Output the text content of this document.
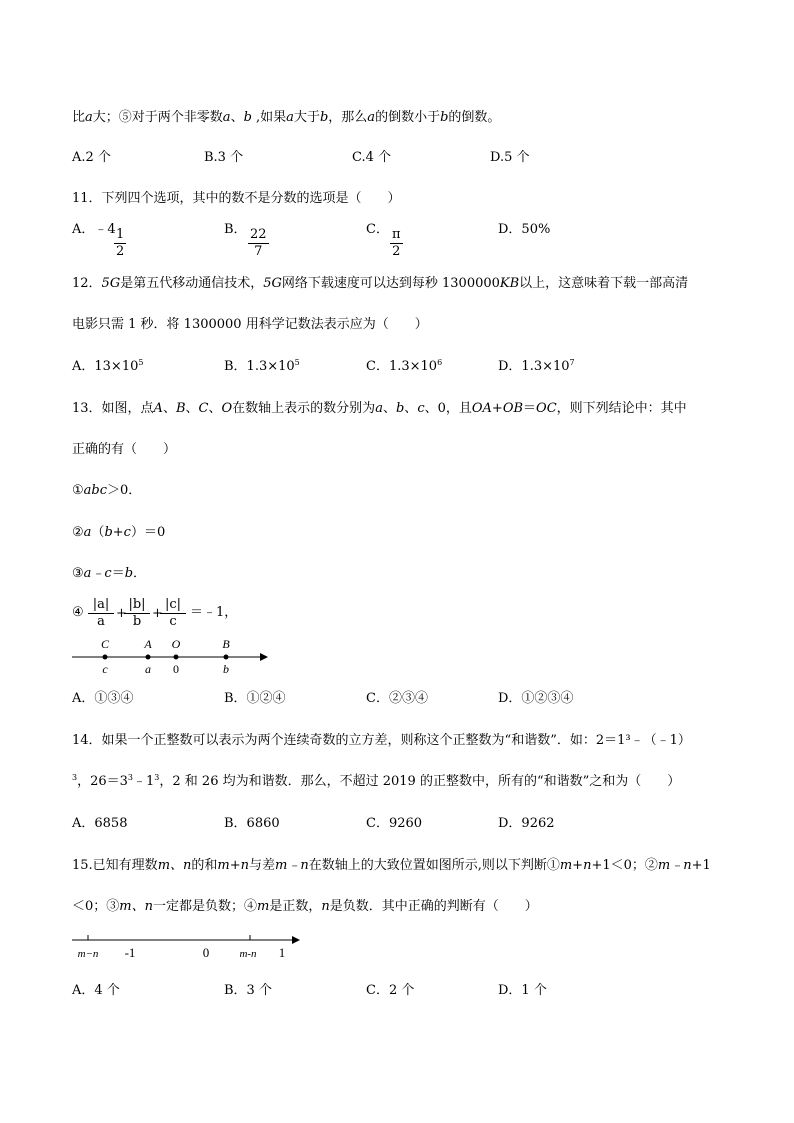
比a大；⑤对于两个非零数a、b ,如果a大于b，那么a的倒数小于b的倒数。
A.2 个	B.3 个	C.4 个	D.5 个
11．下列四个选项，其中的数不是分数的选项是（　　）
A．﹣4
$\frac{1}{2}$	B． $\frac{22}{7}$	C． $\frac{\pi}{2}$	D．50%
12．5G是第五代移动通信技术，5G网络下载速度可以达到每秒 1300000KB以上，这意味着下载一部高清
电影只需 1 秒．将 1300000 用科学记数法表示应为（　　）
A．$13\times 10^5$	B．$1.3\times 10^5$	C．$1.3\times 10^6$	D．$1.3\times 10^7$
13．如图，点A、B、C、O在数轴上表示的数分别为a、b、c、0，且OA+OB＝OC，则下列结论中：其中
正确的有（　　）
①abc＞0．
②a（b+c）＝0
③a﹣c＝b．
④ $\frac{|a|}{a}$ +
$\frac{|b|}{b}$ +
$\frac{|c|}{c}$ ＝﹣1，
C
c
A
a
O
0
B
b
A．①③④	B．①②④	C．②③④	D．①②③④
14．如果一个正整数可以表示为两个连续奇数的立方差，则称这个正整数为“和谐数”．如：2＝1³﹣（﹣1）
$^3$，$26=3^3﹣1^3$，2 和 26 均为和谐数．那么，不超过 2019 的正整数中，所有的“和谐数”之和为（　　）
A．6858	B．6860	C．9260	D．9262
15.已知有理数m、n的和m+n与差m﹣n在数轴上的大致位置如图所示,则以下判断①m+n+1＜0；②m﹣n+1
＜0；③m、n一定都是负数；④m是正数，n是负数．其中正确的判断有（　　）
m−n -1	0	m-n 1
A．4 个	B．3 个	C．2 个	D．1 个
